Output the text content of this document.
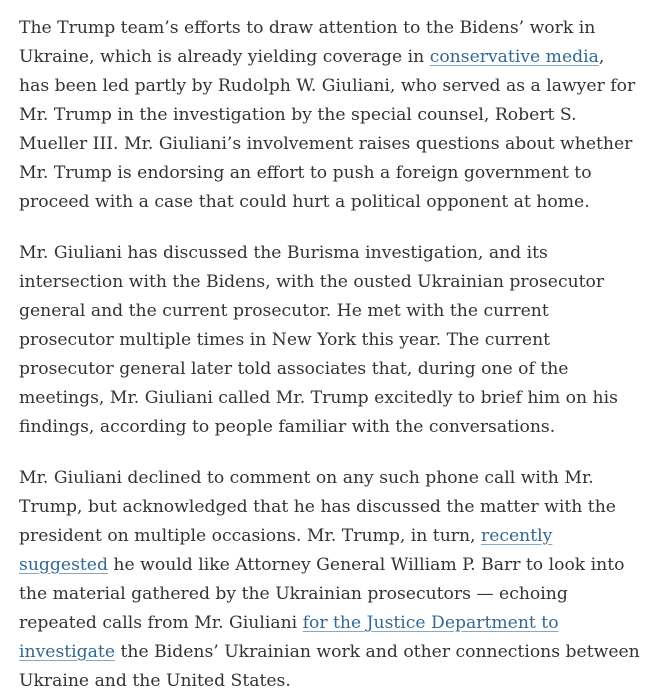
The Trump team’s efforts to draw attention to the Bidens’ work in
Ukraine, which is already yielding coverage in conservative media,
has been led partly by Rudolph W. Giuliani, who served as a lawyer for
Mr. Trump in the investigation by the special counsel, Robert S.
Mueller III. Mr. Giuliani’s involvement raises questions about whether
Mr. Trump is endorsing an effort to push a foreign government to
proceed with a case that could hurt a political opponent at home.

Mr. Giuliani has discussed the Burisma investigation, and its
intersection with the Bidens, with the ousted Ukrainian prosecutor
general and the current prosecutor. He met with the current
prosecutor multiple times in New York this year. The current
prosecutor general later told associates that, during one of the
meetings, Mr. Giuliani called Mr. Trump excitedly to brief him on his
findings, according to people familiar with the conversations.

Mr. Giuliani declined to comment on any such phone call with Mr.
Trump, but acknowledged that he has discussed the matter with the
president on multiple occasions. Mr. Trump, in turn, recently
suggested he would like Attorney General William P. Barr to look into
the material gathered by the Ukrainian prosecutors — echoing
repeated calls from Mr. Giuliani for the Justice Department to
investigate the Bidens’ Ukrainian work and other connections between
Ukraine and the United States.
